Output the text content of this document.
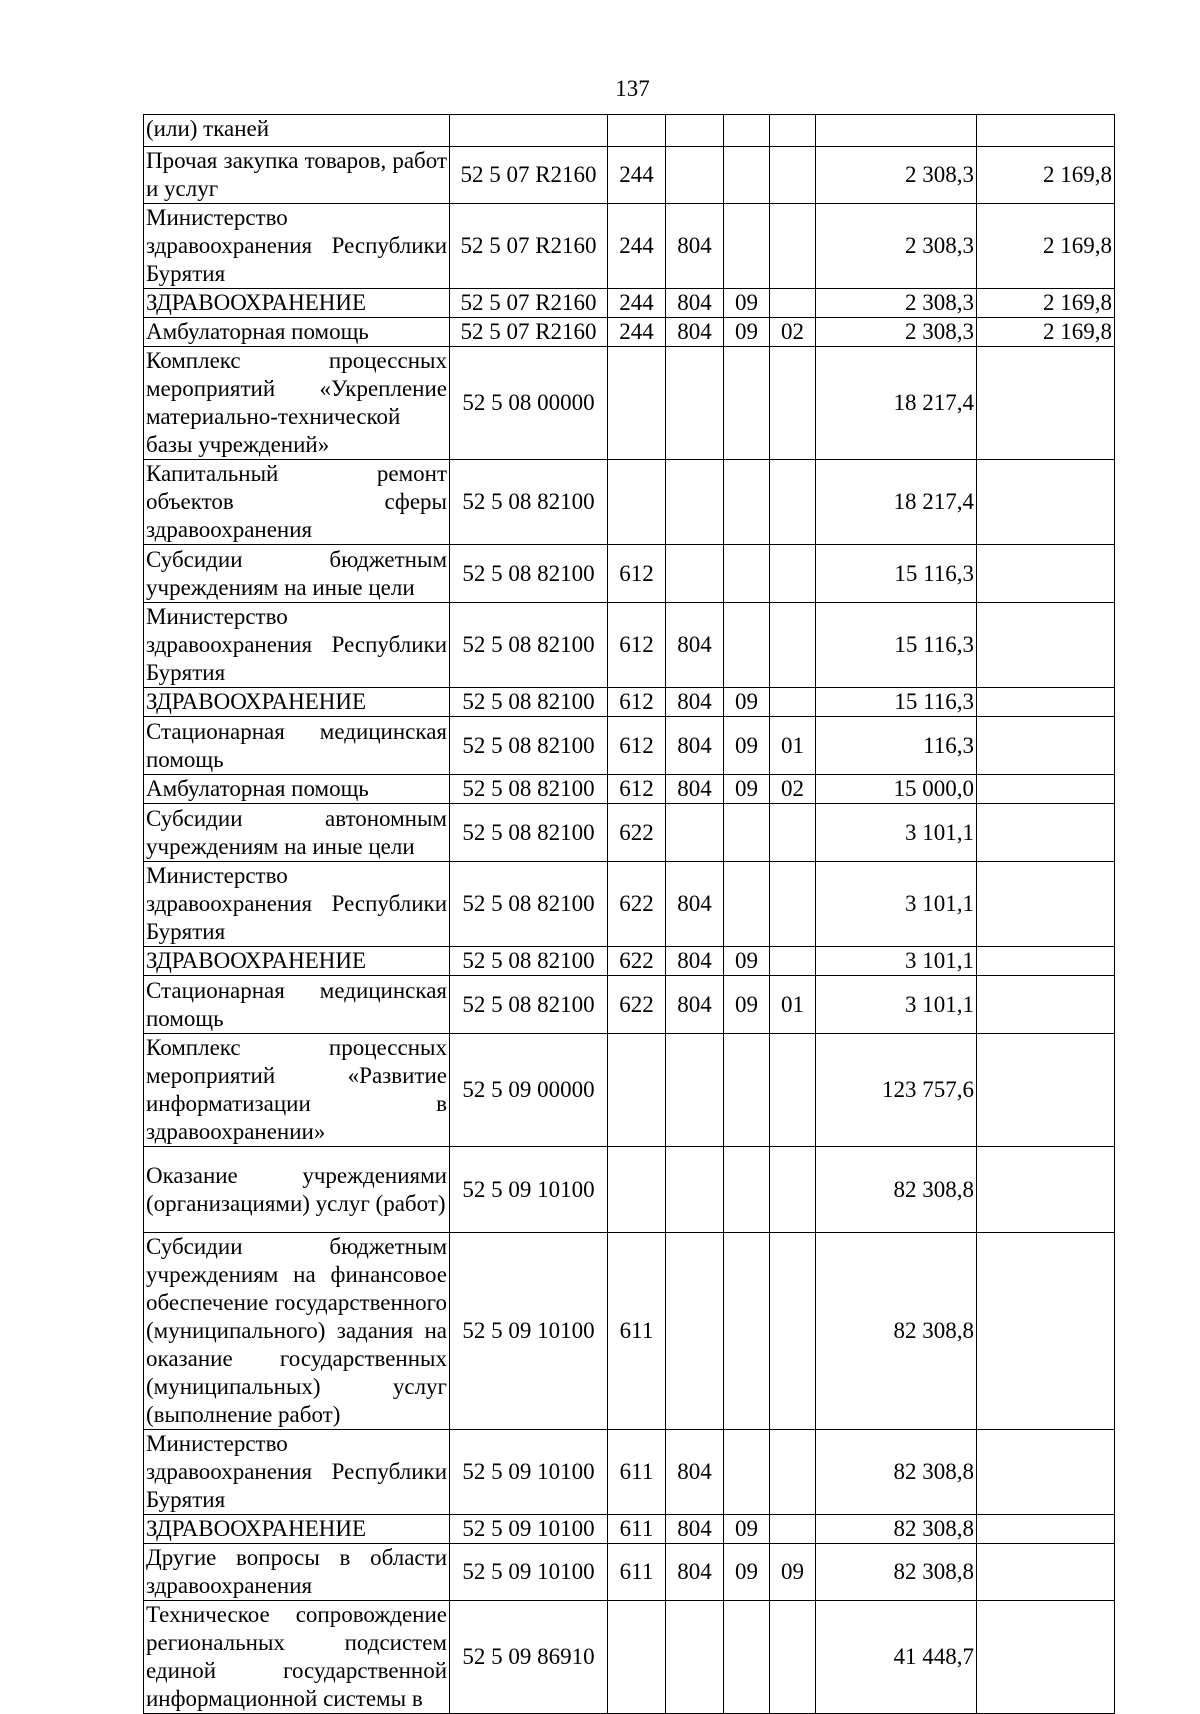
137
(или) тканей							
Прочая закупка товаров, работ и услуг	52 5 07 R2160	244				2 308,3	2 169,8
Министерство здравоохранения Республики Бурятия	52 5 07 R2160	244	804			2 308,3	2 169,8
ЗДРАВООХРАНЕНИЕ	52 5 07 R2160	244	804	09		2 308,3	2 169,8
Амбулаторная помощь	52 5 07 R2160	244	804	09	02	2 308,3	2 169,8
Комплекс процессных мероприятий «Укрепление материально-технической базы учреждений»	52 5 08 00000					18 217,4	
Капитальный ремонт объектов сферы здравоохранения	52 5 08 82100					18 217,4	
Субсидии бюджетным учреждениям на иные цели	52 5 08 82100	612				15 116,3	
Министерство здравоохранения Республики Бурятия	52 5 08 82100	612	804			15 116,3	
ЗДРАВООХРАНЕНИЕ	52 5 08 82100	612	804	09		15 116,3	
Стационарная медицинская помощь	52 5 08 82100	612	804	09	01	116,3	
Амбулаторная помощь	52 5 08 82100	612	804	09	02	15 000,0	
Субсидии автономным учреждениям на иные цели	52 5 08 82100	622				3 101,1	
Министерство здравоохранения Республики Бурятия	52 5 08 82100	622	804			3 101,1	
ЗДРАВООХРАНЕНИЕ	52 5 08 82100	622	804	09		3 101,1	
Стационарная медицинская помощь	52 5 08 82100	622	804	09	01	3 101,1	
Комплекс процессных мероприятий «Развитие информатизации в здравоохранении»	52 5 09 00000					123 757,6	
Оказание учреждениями (организациями) услуг (работ)	52 5 09 10100					82 308,8	
Субсидии бюджетным учреждениям на финансовое обеспечение государственного (муниципального) задания на оказание государственных (муниципальных) услуг (выполнение работ)	52 5 09 10100	611				82 308,8	
Министерство здравоохранения Республики Бурятия	52 5 09 10100	611	804			82 308,8	
ЗДРАВООХРАНЕНИЕ	52 5 09 10100	611	804	09		82 308,8	
Другие вопросы в области здравоохранения	52 5 09 10100	611	804	09	09	82 308,8	
Техническое сопровождение региональных подсистем единой государственной информационной системы в	52 5 09 86910					41 448,7	
